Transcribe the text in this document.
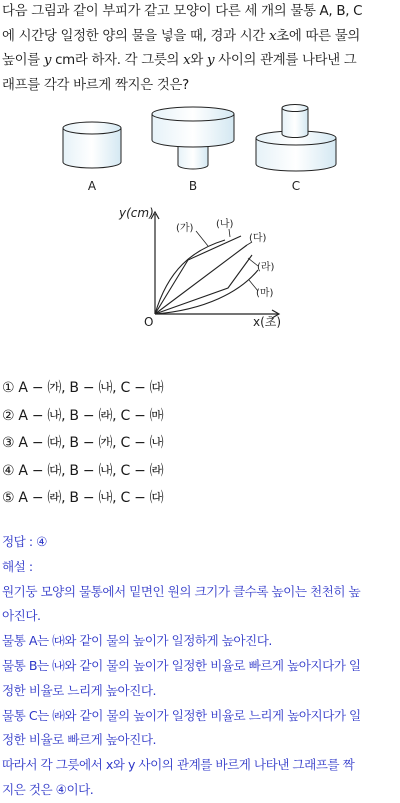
다음 그림과 같이 부피가 같고 모양이 다른 세 개의 물통 A, B, C

에 시간당 일정한 양의 물을 넣을 때, 경과 시간 x초에 따른 물의

높이를 y cm라 하자. 각 그릇의 x와 y 사이의 관계를 나타낸 그

래프를 각각 바르게 짝지은 것은?

A	B	C
y(cm)
x(초)
O
(가) (나)
(다)
(라)
(마)
① A − ㈎, B − ㈏, C − ㈐
② A − ㈏, B − ㈑, C − ㈒
③ A − ㈐, B − ㈎, C − ㈏
④ A − ㈐, B − ㈏, C − ㈑
⑤ A − ㈑, B − ㈏, C − ㈐

정답 : ④

해설 :

원기둥 모양의 물통에서 밑면인 원의 크기가 클수록 높이는 천천히 높

아진다.

물통 A는 ㈐와 같이 물의 높이가 일정하게 높아진다.

물통 B는 ㈏와 같이 물의 높이가 일정한 비율로 빠르게 높아지다가 일

정한 비율로 느리게 높아진다.

물통 C는 ㈑와 같이 물의 높이가 일정한 비율로 느리게 높아지다가 일

정한 비율로 빠르게 높아진다.

따라서 각 그릇에서 x와 y 사이의 관계를 바르게 나타낸 그래프를 짝

지은 것은 ④이다.
